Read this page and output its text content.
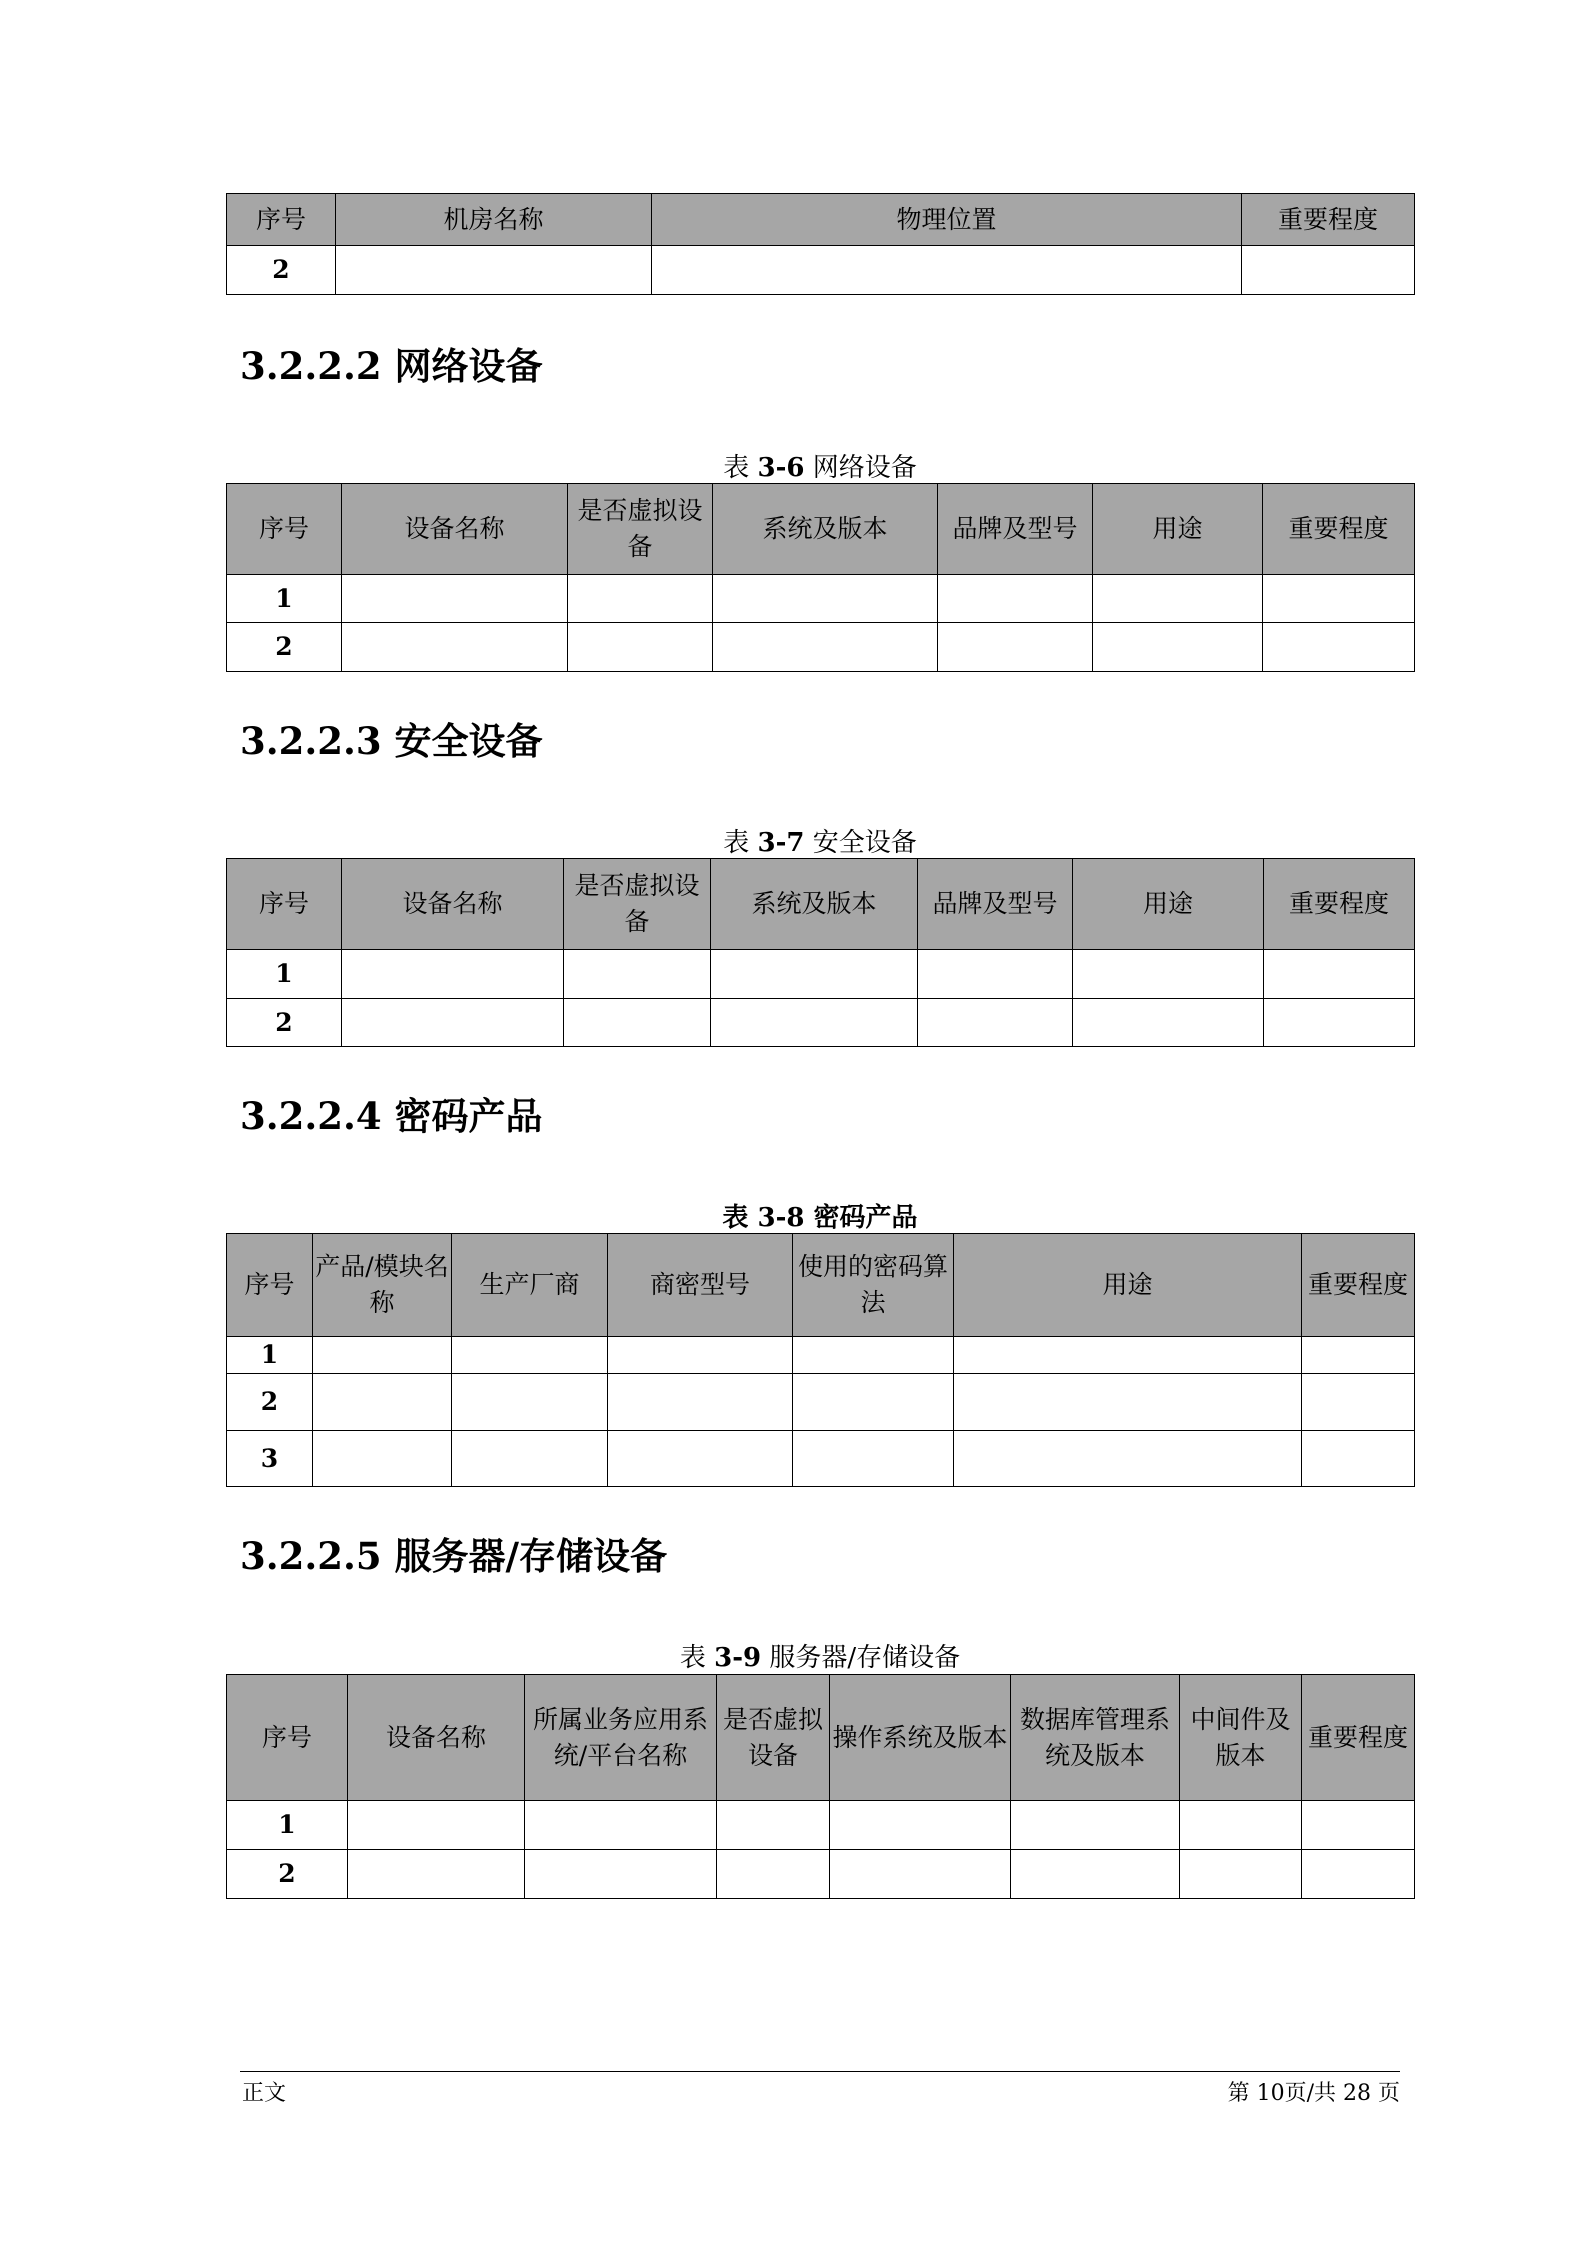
序号	机房名称	物理位置	重要程度
2			
3.2.2.2 网络设备
表 3-6 网络设备
序号	设备名称	是否虚拟设备	系统及版本	品牌及型号	用途	重要程度
1						
2						
3.2.2.3 安全设备
表 3-7 安全设备
序号	设备名称	是否虚拟设备	系统及版本	品牌及型号	用途	重要程度
1						
2						
3.2.2.4 密码产品
表 3-8 密码产品
序号	产品/模块名称	生产厂商	商密型号	使用的密码算法	用途	重要程度
1						
2						
3						
3.2.2.5 服务器/存储设备
表 3-9 服务器/存储设备
序号	设备名称	所属业务应用系统/平台名称	是否虚拟设备	操作系统及版本	数据库管理系统及版本	中间件及版本	重要程度
1							
2							
正文	第 10页/共 28 页
